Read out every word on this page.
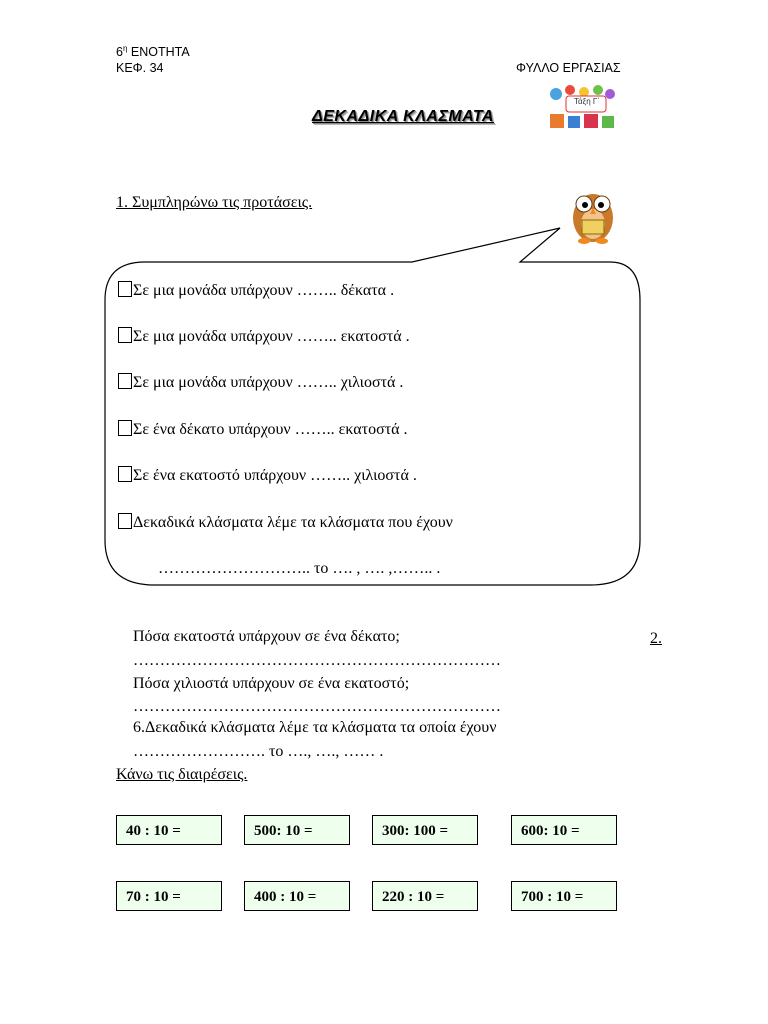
$6^\eta$ ΕΝΟΤΗΤΑ
ΚΕΦ. 34	ΦΥΛΛΟ ΕΡΓΑΣΙΑΣ
Τάξη Γ΄
ΔΕΚΑΔΙΚΑ ΚΛΑΣΜΑΤΑ
1. Συμπληρώνω τις προτάσεις.
Σε μια μονάδα υπάρχουν …….. δέκατα .
Σε μια μονάδα υπάρχουν …….. εκατοστά .
Σε μια μονάδα υπάρχουν …….. χιλιοστά .
Σε ένα δέκατο υπάρχουν …….. εκατοστά .
Σε ένα εκατοστό υπάρχουν …….. χιλιοστά .
Δεκαδικά κλάσματα λέμε τα κλάσματα που έχουν
……………………….. το …. , …. ,…….. .
Πόσα εκατοστά υπάρχουν σε ένα δέκατο;	2.
……………………………………………………………
Πόσα χιλιοστά υπάρχουν σε ένα εκατοστό;
……………………………………………………………
6.Δεκαδικά κλάσματα λέμε τα κλάσματα τα οποία έχουν
……………………. το …., …., …… .
Κάνω τις διαιρέσεις.
40 : 10 =	500: 10 =	300: 100 =	600: 10 =
70 : 10 =	400 : 10 =	220 : 10 =	700 : 10 =
